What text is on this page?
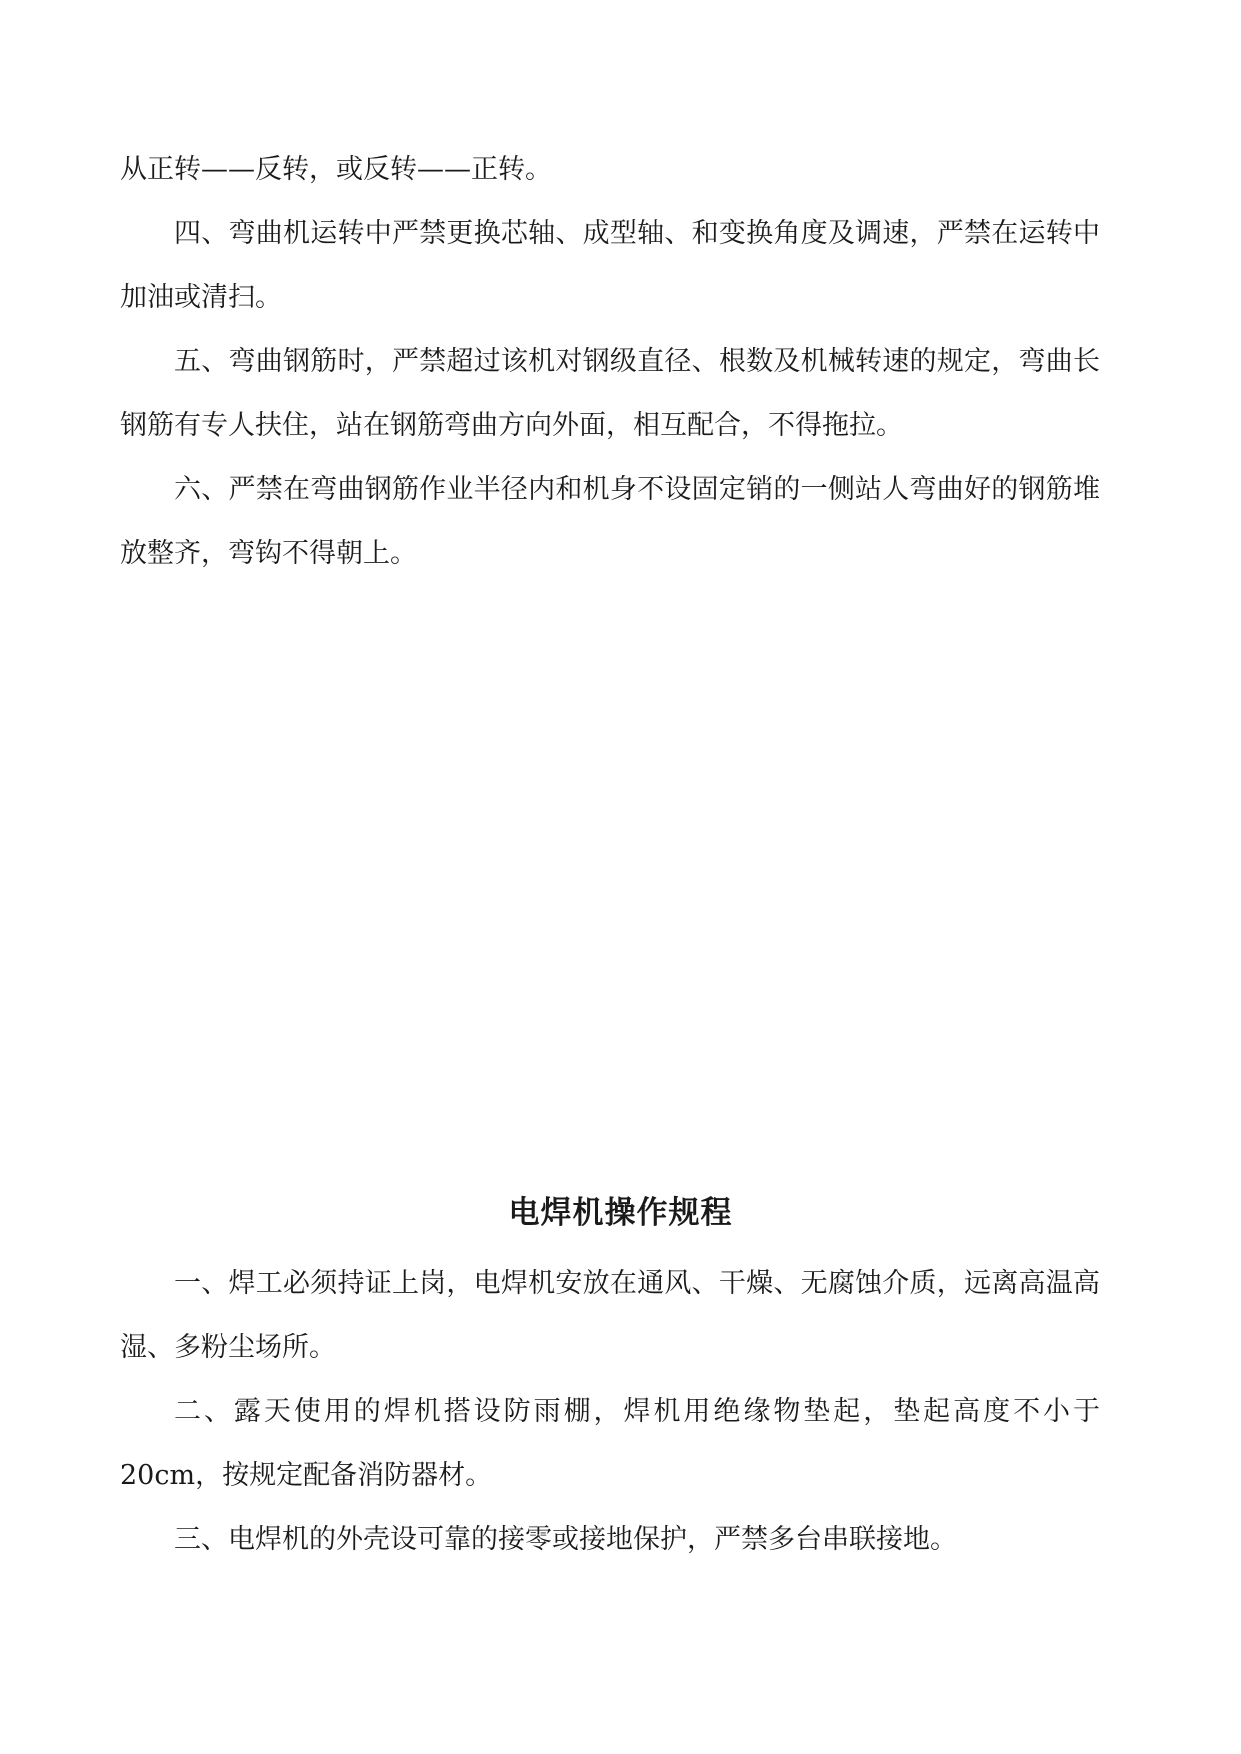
从正转——反转，或反转——正转。

四、弯曲机运转中严禁更换芯轴、成型轴、和变换角度及调速，严禁在运转中加油或清扫。

五、弯曲钢筋时，严禁超过该机对钢级直径、根数及机械转速的规定，弯曲长钢筋有专人扶住，站在钢筋弯曲方向外面，相互配合，不得拖拉。

六、严禁在弯曲钢筋作业半径内和机身不设固定销的一侧站人弯曲好的钢筋堆放整齐，弯钩不得朝上。

电焊机操作规程

一、焊工必须持证上岗，电焊机安放在通风、干燥、无腐蚀介质，远离高温高湿、多粉尘场所。

二、露天使用的焊机搭设防雨棚，焊机用绝缘物垫起，垫起高度不小于20cm，按规定配备消防器材。

三、电焊机的外壳设可靠的接零或接地保护，严禁多台串联接地。
